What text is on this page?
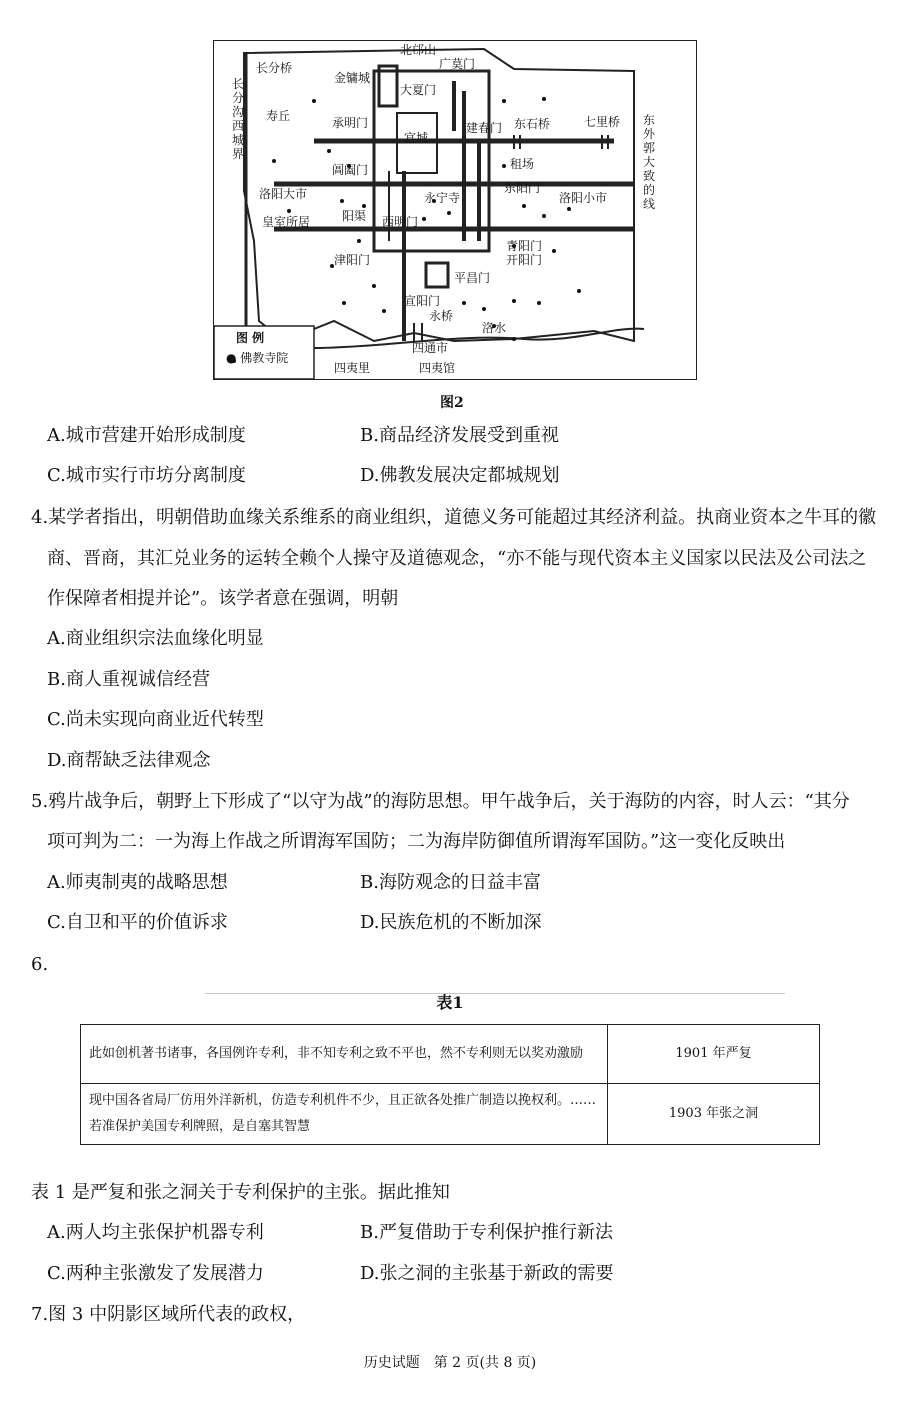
北邙山
长分桥
长分沟西城界
金镛城
广莫门
大夏门
寿丘	承明门
宫城
建春门 东石桥	七里桥 东外郭大致的线
租场
阊阖门
洛阳大市	永宁寺
东阳门
洛阳小市
阳渠 西明门
皇室所居
青阳门
开阳门
津阳门
平昌门
宣阳门
永桥
洛水
四通市
四夷里	四夷馆
图 例
● 佛教寺院
图2
A.城市营建开始形成制度	B.商品经济发展受到重视
C.城市实行市坊分离制度	D.佛教发展决定都城规划
4.某学者指出，明朝借助血缘关系维系的商业组织，道德义务可能超过其经济利益。执商业资本之牛耳的徽
商、晋商，其汇兑业务的运转全赖个人操守及道德观念，“亦不能与现代资本主义国家以民法及公司法之
作保障者相提并论”。该学者意在强调，明朝
A.商业组织宗法血缘化明显
B.商人重视诚信经营
C.尚未实现向商业近代转型
D.商帮缺乏法律观念
5.鸦片战争后，朝野上下形成了“以守为战”的海防思想。甲午战争后，关于海防的内容，时人云：“其分
项可判为二：一为海上作战之所谓海军国防；二为海岸防御值所谓海军国防。”这一变化反映出
A.师夷制夷的战略思想	B.海防观念的日益丰富
C.自卫和平的价值诉求	D.民族危机的不断加深
6.
表1
此如创机著书诸事，各国例许专利，非不知专利之致不平也，然不专利则无以奖劝激励	1901 年严复
现中国各省局厂仿用外洋新机，仿造专利机件不少，且正欲各处推广制造以挽权利。……若准保护美国专利牌照，是自塞其智慧	1903 年张之洞
表 1 是严复和张之洞关于专利保护的主张。据此推知
A.两人均主张保护机器专利	B.严复借助于专利保护推行新法
C.两种主张激发了发展潜力	D.张之洞的主张基于新政的需要
7.图 3 中阴影区域所代表的政权，
历史试题　第 2 页(共 8 页)
